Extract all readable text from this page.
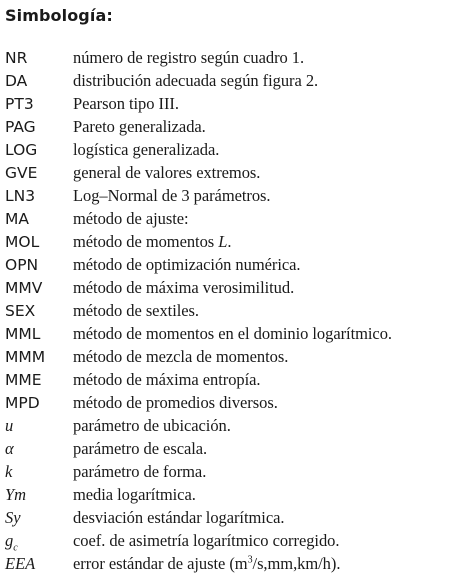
Simbología:
NR	número de registro según cuadro 1.
DA	distribución adecuada según figura 2.
PT3	Pearson tipo III.
PAG	Pareto generalizada.
LOG	logística generalizada.
GVE	general de valores extremos.
LN3	Log–Normal de 3 parámetros.
MA	método de ajuste:
MOL	método de momentos L.
OPN	método de optimización numérica.
MMV	método de máxima verosimilitud.
SEX	método de sextiles.
MML	método de momentos en el dominio logarítmico.
MMM	método de mezcla de momentos.
MME	método de máxima entropía.
MPD	método de promedios diversos.
u	parámetro de ubicación.
α	parámetro de escala.
k	parámetro de forma.
Ym	media logarítmica.
Sy	desviación estándar logarítmica.
$g_c$	coef. de asimetría logarítmico corregido.
EEA	error estándar de ajuste $(m^3/s,mm,km/h)$.
